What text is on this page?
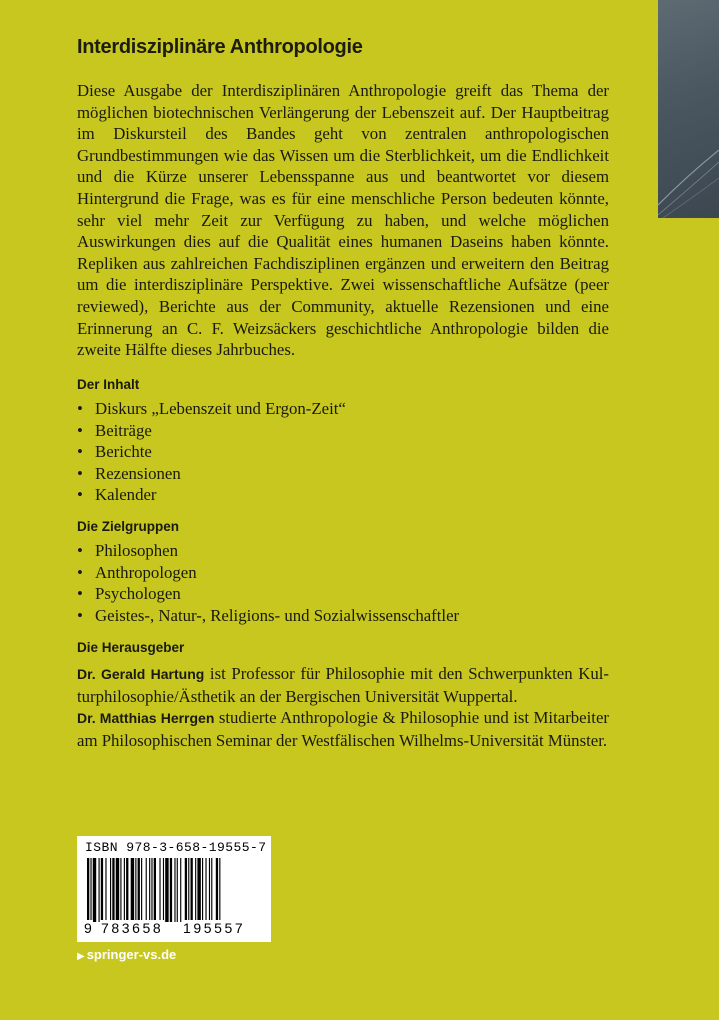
Interdisziplinäre Anthropologie

Diese Ausgabe der Interdisziplinären Anthropologie greift das Thema der möglichen biotechnischen Verlängerung der Lebenszeit auf. Der Hauptbeitrag im Diskursteil des Bandes geht von zentralen anthropologischen Grundbestimmungen wie das Wissen um die Sterblichkeit, um die Endlichkeit und die Kürze unserer Lebensspanne aus und beantwortet vor diesem Hintergrund die Frage, was es für eine menschliche Person bedeuten könnte, sehr viel mehr Zeit zur Verfügung zu haben, und welche möglichen Auswirkungen dies auf die Qualität eines humanen Daseins haben könnte. Repliken aus zahlreichen Fachdisziplinen ergänzen und erweitern den Beitrag um die interdisziplinäre Perspektive. Zwei wissenschaftliche Aufsätze (peer reviewed), Berichte aus der Community, aktuelle Rezensionen und eine Erinnerung an C. F. Weizsäckers geschichtliche Anthropologie bilden die zweite Hälfte dieses Jahrbuches.

Der Inhalt
• Diskurs „Lebenszeit und Ergon-Zeit“
• Beiträge
• Berichte
• Rezensionen
• Kalender
Die Zielgruppen
• Philosophen
• Anthropologen
• Psychologen
• Geistes-, Natur-, Religions- und Sozialwissenschaftler
Die Herausgeber

Dr. Gerald Hartung ist Professor für Philosophie mit den Schwerpunkten Kulturphilosophie/Ästhetik an der Bergischen Universität Wuppertal.
Dr. Matthias Herrgen studierte Anthropologie & Philosophie und ist Mitarbeiter am Philosophischen Seminar der Westfälischen Wilhelms-Universität Münster.

ISBN 978-3-658-19555-7
9 783658 195557
▶ springer-vs.de
